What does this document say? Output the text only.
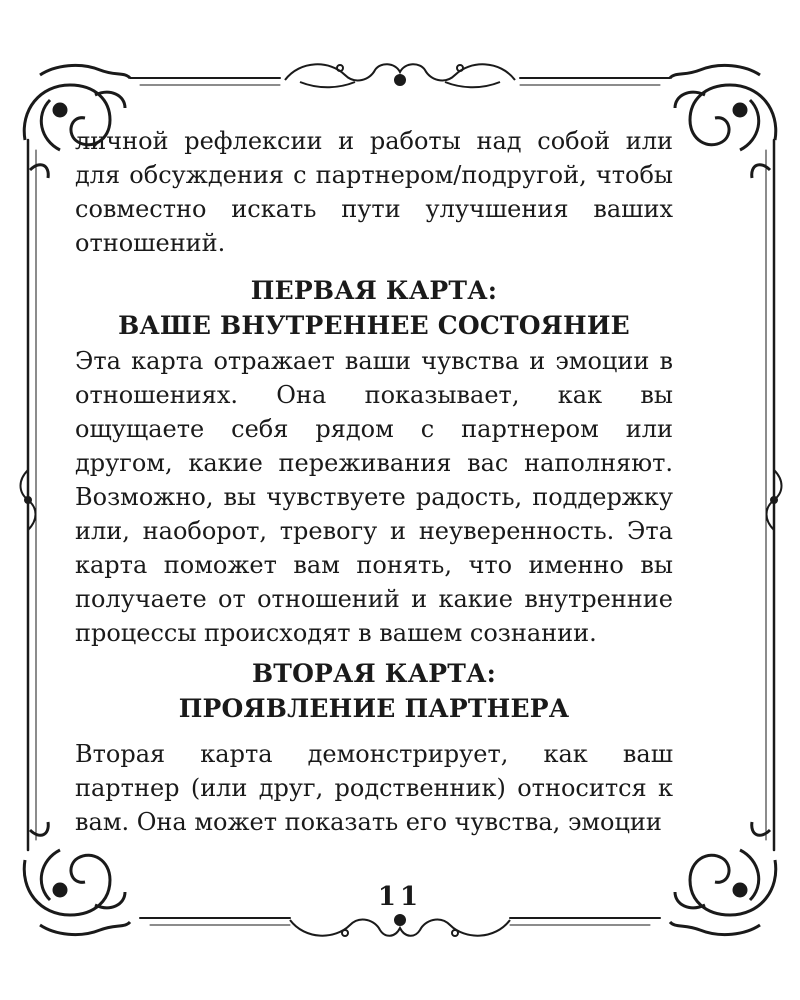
личной рефлексии и работы над собой или для обсуждения с партнером/подругой, чтобы совместно искать пути улучшения ваших отношений.

ПЕРВАЯ КАРТА:
ВАШЕ ВНУТРЕННЕЕ СОСТОЯНИЕ

Эта карта отражает ваши чувства и эмоции в отношениях. Она показывает, как вы ощущаете себя рядом с партнером или другом, какие переживания вас наполняют. Возможно, вы чувствуете радость, поддержку или, наоборот, тревогу и неуверенность. Эта карта поможет вам понять, что именно вы получаете от отношений и какие внутренние процессы происходят в вашем сознании.

ВТОРАЯ КАРТА:
ПРОЯВЛЕНИЕ ПАРТНЕРА

Вторая карта демонстрирует, как ваш партнер (или друг, родственник) относится к вам. Она может показать его чувства, эмоции

11
